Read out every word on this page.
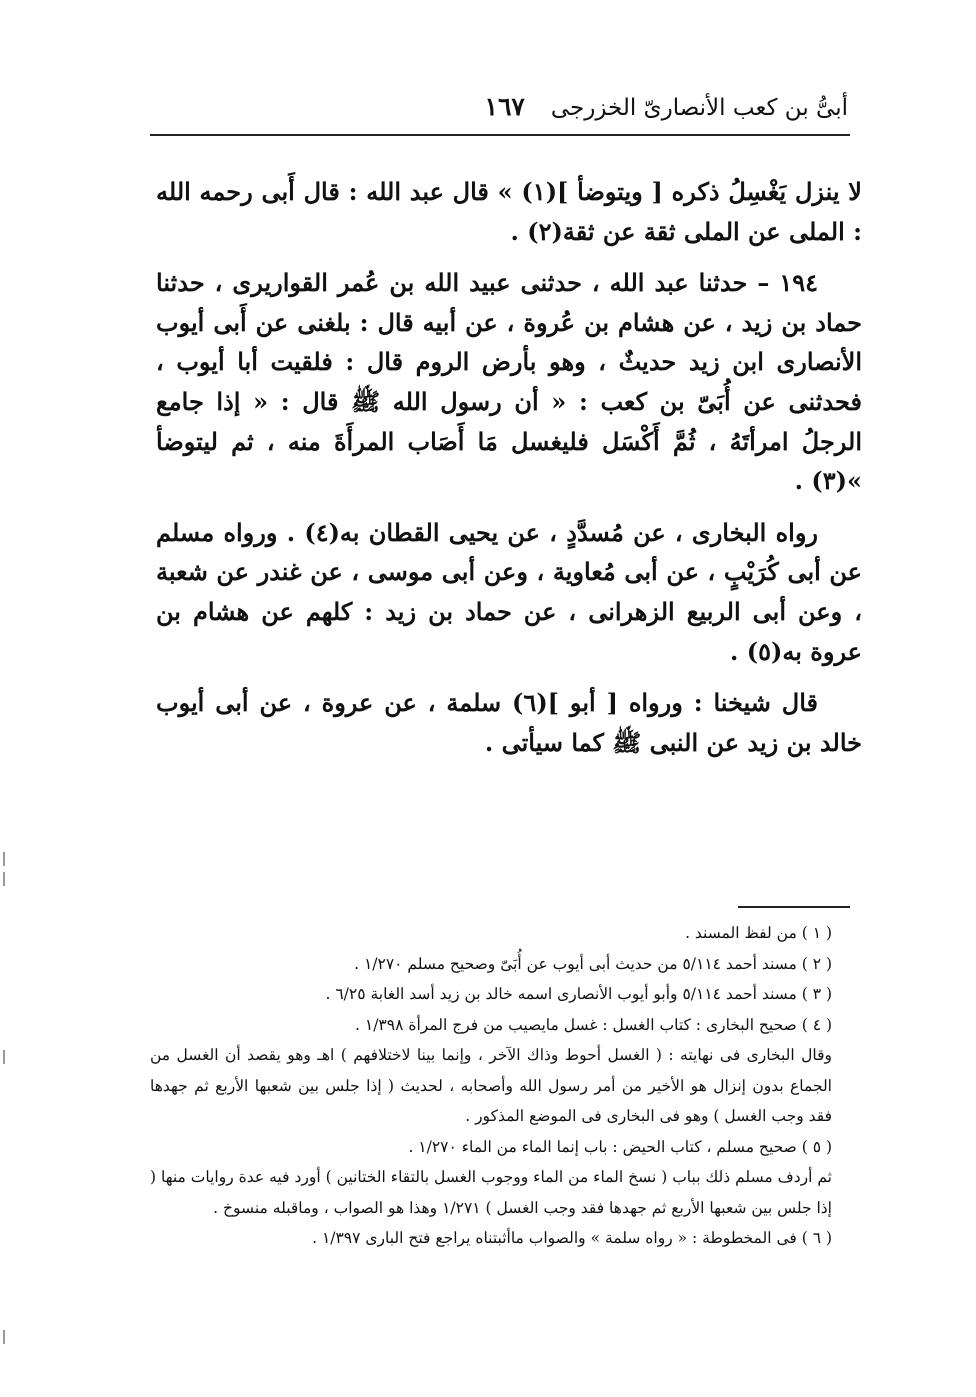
أبىُّ بن كعب الأنصارىّ الخزرجى
١٦٧

لا ينزل يَغْسِلُ ذكره [ ويتوضأ ](١) » قال عبد الله : قال أَبى رحمه الله : الملى عن الملى ثقة عن ثقة(٢) .

١٩٤ – حدثنا عبد الله ، حدثنى عبيد الله بن عُمر القواريرى ، حدثنا حماد بن زيد ، عن هشام بن عُروة ، عن أبيه قال : بلغنى عن أَبى أيوب الأنصارى ابن زيد حديثٌ ، وهو بأرض الروم قال : فلقيت أبا أيوب ، فحدثنى عن أُبَىّ بن كعب : « أن رسول الله ﷺ قال : « إذا جامع الرجلُ امرأتَهُ ، ثُمَّ أَكْسَل فليغسل مَا أَصَاب المرأَةَ منه ، ثم ليتوضأ »(٣) .

رواه البخارى ، عن مُسدَّدٍ ، عن يحيى القطان به(٤) . ورواه مسلم عن أبى كُرَيْبٍ ، عن أبى مُعاوية ، وعن أبى موسى ، عن غندر عن شعبة ، وعن أبى الربيع الزهرانى ، عن حماد بن زيد : كلهم عن هشام بن عروة به(٥) .

قال شيخنا : ورواه [ أبو ](٦) سلمة ، عن عروة ، عن أبى أيوب خالد بن زيد عن النبى ﷺ كما سيأتى .

( ١ ) من لفظ المسند .

( ٢ ) مسند أحمد ٥/١١٤ من حديث أبى أيوب عن أُبَىّ وصحيح مسلم ١/٢٧٠ .

( ٣ ) مسند أحمد ٥/١١٤ وأبو أيوب الأنصارى اسمه خالد بن زيد أسد الغابة ٦/٢٥ .

( ٤ ) صحيح البخارى : كتاب الغسل : غسل مايصيب من فرج المرأة ١/٣٩٨ .

وقال البخارى فى نهايته : ( الغسل أحوط وذاك الآخر ، وإنما بينا لاختلافهم ) اهـ وهو يقصد أن الغسل من الجماع بدون إنزال هو الأخير من أمر رسول الله وأصحابه ، لحديث ( إذا جلس بين شعبها الأربع ثم جهدها فقد وجب الغسل ) وهو فى البخارى فى الموضع المذكور .

( ٥ ) صحيح مسلم ، كتاب الحيض : باب إنما الماء من الماء ١/٢٧٠ .

ثم أردف مسلم ذلك بباب ( نسخ الماء من الماء ووجوب الغسل بالتقاء الختانين ) أورد فيه عدة روايات منها ( إذا جلس بين شعبها الأربع ثم جهدها فقد وجب الغسل ) ١/٢٧١ وهذا هو الصواب ، وماقبله منسوخ .

( ٦ ) فى المخطوطة : « رواه سلمة » والصواب ماأثبتناه يراجع فتح البارى ١/٣٩٧ .
